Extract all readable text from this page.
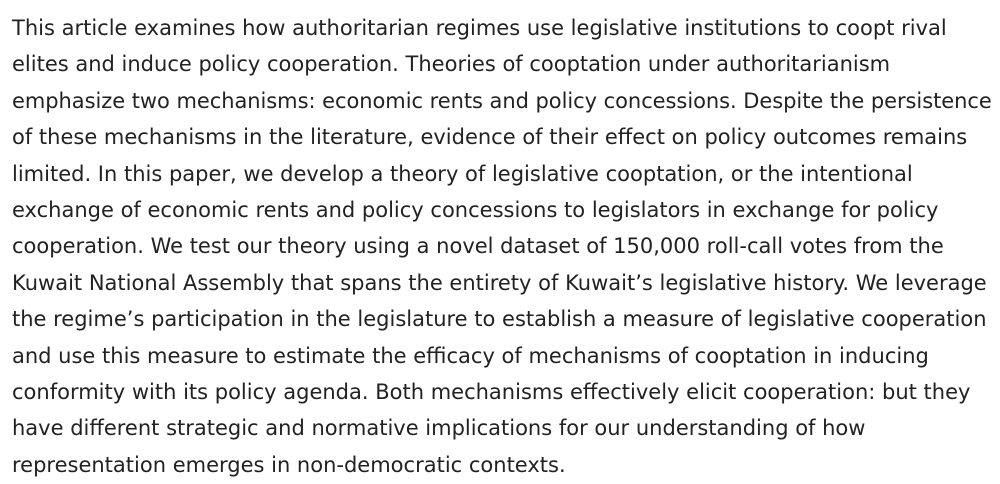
This article examines how authoritarian regimes use legislative institutions to coopt rival
elites and induce policy cooperation. Theories of cooptation under authoritarianism
emphasize two mechanisms: economic rents and policy concessions. Despite the persistence
of these mechanisms in the literature, evidence of their effect on policy outcomes remains
limited. In this paper, we develop a theory of legislative cooptation, or the intentional
exchange of economic rents and policy concessions to legislators in exchange for policy
cooperation. We test our theory using a novel dataset of 150,000 roll-call votes from the
Kuwait National Assembly that spans the entirety of Kuwait’s legislative history. We leverage
the regime’s participation in the legislature to establish a measure of legislative cooperation
and use this measure to estimate the efficacy of mechanisms of cooptation in inducing
conformity with its policy agenda. Both mechanisms effectively elicit cooperation: but they
have different strategic and normative implications for our understanding of how
representation emerges in non-democratic contexts.
